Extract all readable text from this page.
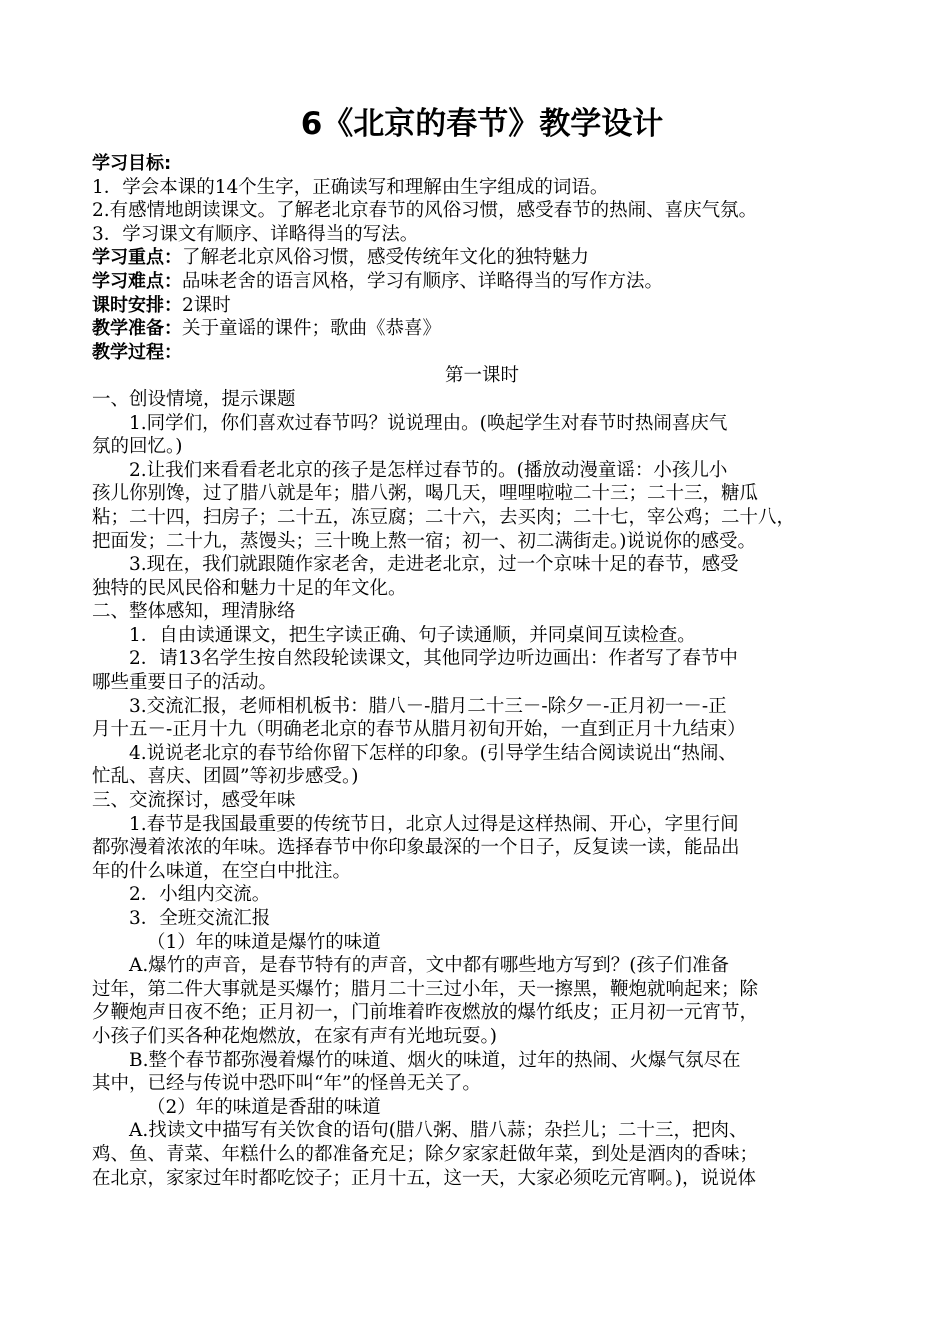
6《北京的春节》教学设计

学习目标:

1．学会本课的14个生字，正确读写和理解由生字组成的词语。

2.有感情地朗读课文。了解老北京春节的风俗习惯，感受春节的热闹、喜庆气氛。

3．学习课文有顺序、详略得当的写法。

学习重点：了解老北京风俗习惯，感受传统年文化的独特魅力

学习难点：品味老舍的语言风格，学习有顺序、详略得当的写作方法。

课时安排：2课时

教学准备：关于童谣的课件；歌曲《恭喜》

教学过程：

第一课时

一、创设情境，提示课题

1.同学们，你们喜欢过春节吗？说说理由。(唤起学生对春节时热闹喜庆气

氛的回忆。)

2.让我们来看看老北京的孩子是怎样过春节的。(播放动漫童谣：小孩儿小

孩儿你别馋，过了腊八就是年；腊八粥，喝几天，哩哩啦啦二十三；二十三，糖瓜

粘；二十四，扫房子；二十五，冻豆腐；二十六，去买肉；二十七，宰公鸡；二十八，

把面发；二十九，蒸馒头；三十晚上熬一宿；初一、初二满街走。)说说你的感受。

3.现在，我们就跟随作家老舍，走进老北京，过一个京味十足的春节，感受

独特的民风民俗和魅力十足的年文化。

二、整体感知，理清脉络

1．自由读通课文，把生字读正确、句子读通顺，并同桌间互读检查。

2．请13名学生按自然段轮读课文，其他同学边听边画出：作者写了春节中

哪些重要日子的活动。

3.交流汇报，老师相机板书：腊八－-腊月二十三－-除夕－-正月初一－-正

月十五－-正月十九（明确老北京的春节从腊月初旬开始，一直到正月十九结束）

4.说说老北京的春节给你留下怎样的印象。(引导学生结合阅读说出“热闹、

忙乱、喜庆、团圆”等初步感受。)

三、交流探讨，感受年味

1.春节是我国最重要的传统节日，北京人过得是这样热闹、开心，字里行间

都弥漫着浓浓的年味。选择春节中你印象最深的一个日子，反复读一读，能品出

年的什么味道，在空白中批注。

2．小组内交流。

3．全班交流汇报

（1）年的味道是爆竹的味道

A.爆竹的声音，是春节特有的声音，文中都有哪些地方写到？(孩子们准备

过年，第二件大事就是买爆竹；腊月二十三过小年，天一擦黑，鞭炮就响起来；除

夕鞭炮声日夜不绝；正月初一，门前堆着昨夜燃放的爆竹纸皮；正月初一元宵节，

小孩子们买各种花炮燃放，在家有声有光地玩耍。)

B.整个春节都弥漫着爆竹的味道、烟火的味道，过年的热闹、火爆气氛尽在

其中，已经与传说中恐吓叫“年”的怪兽无关了。

（2）年的味道是香甜的味道

A.找读文中描写有关饮食的语句(腊八粥、腊八蒜；杂拦儿；二十三，把肉、

鸡、鱼、青菜、年糕什么的都准备充足；除夕家家赶做年菜，到处是酒肉的香味；

在北京，家家过年时都吃饺子；正月十五，这一天，大家必须吃元宵啊。)，说说体
